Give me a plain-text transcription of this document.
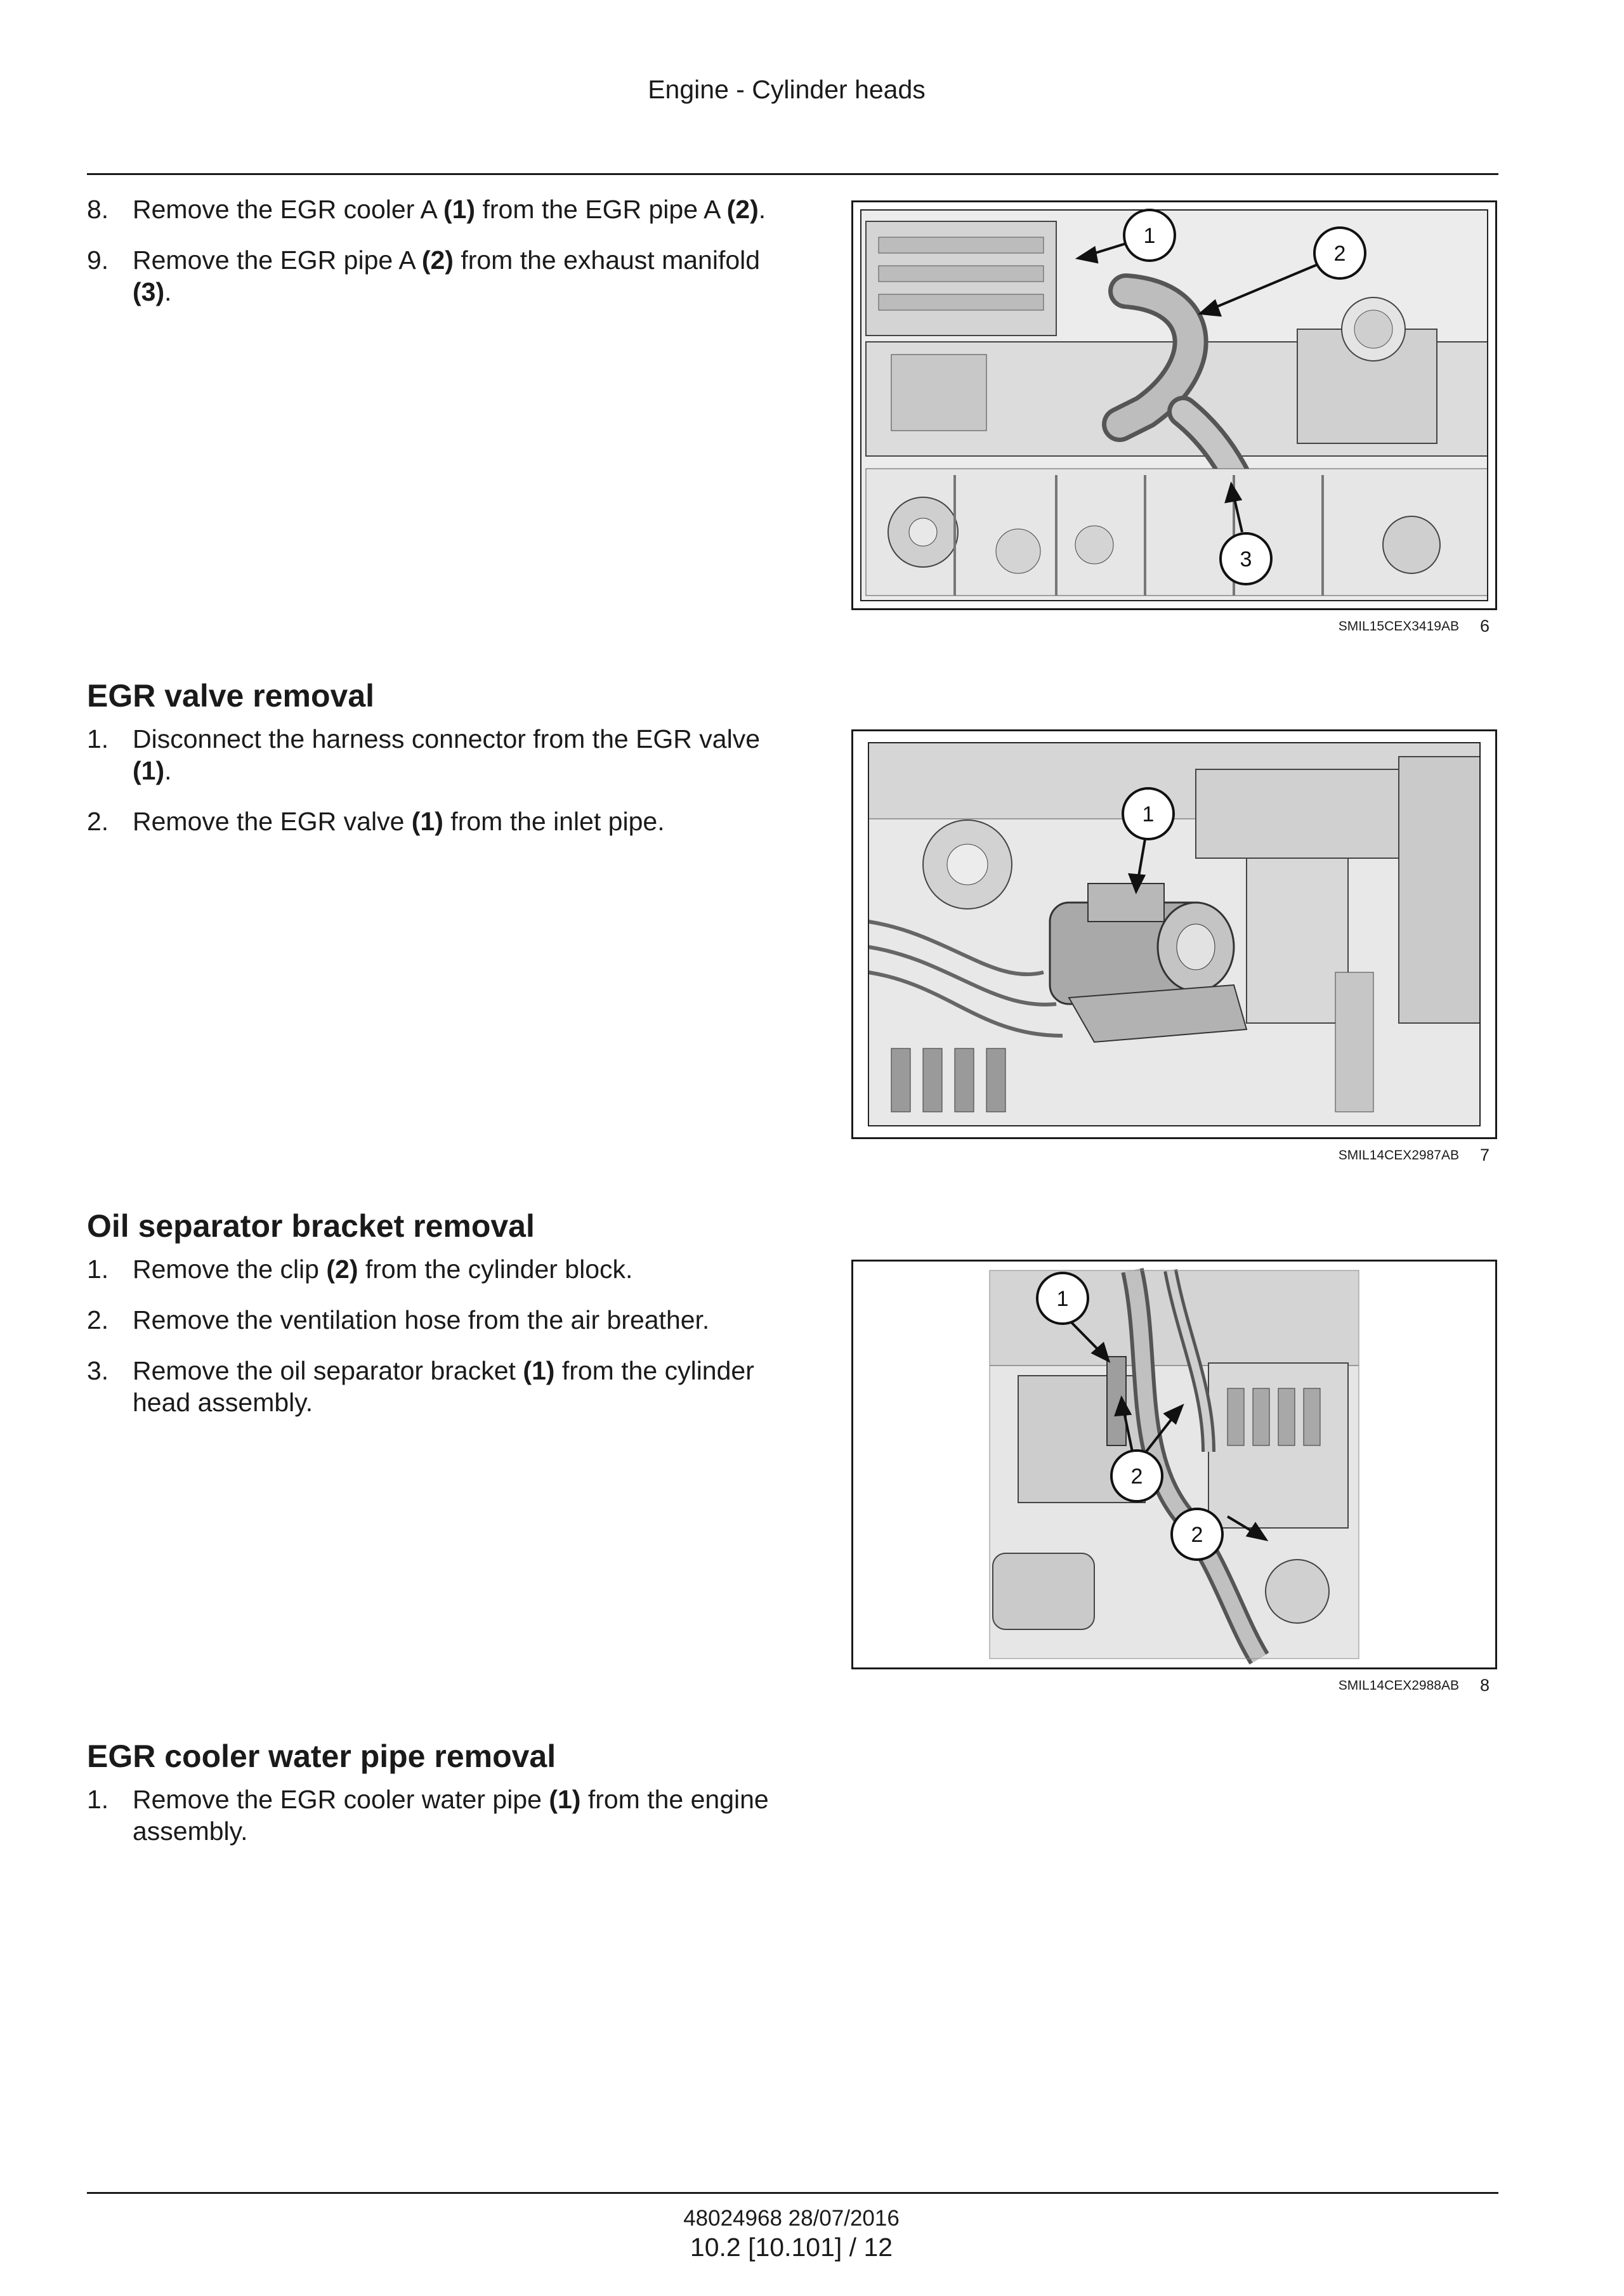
Engine - Cylinder heads
8. Remove the EGR cooler A (1) from the EGR pipe A (2).
9. Remove the EGR pipe A (2) from the exhaust manifold (3).
1
2
3
SMIL15CEX3419AB 6
EGR valve removal
1. Disconnect the harness connector from the EGR valve (1).
2. Remove the EGR valve (1) from the inlet pipe.	1
SMIL14CEX2987AB 7
Oil separator bracket removal
1. Remove the clip (2) from the cylinder block.
2. Remove the ventilation hose from the air breather.
3. Remove the oil separator bracket (1) from the cylinder head assembly.
1
2
2
SMIL14CEX2988AB 8
EGR cooler water pipe removal
1. Remove the EGR cooler water pipe (1) from the engine assembly.
48024968 28/07/2016
10.2 [10.101] / 12
